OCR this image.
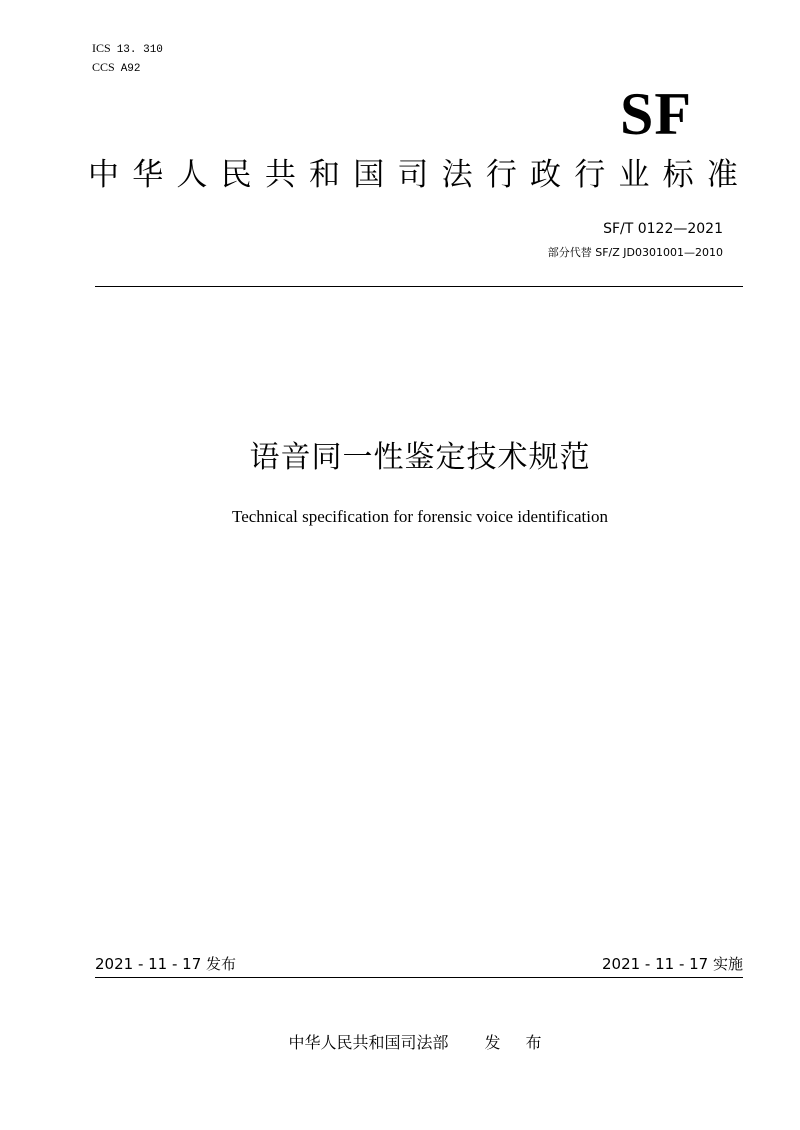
ICS 13. 310
CCS A92
SF
中 华 人 民 共 和 国 司 法 行 政 行 业 标 准
SF/T 0122—2021
部分代替 SF/Z JD0301001—2010
语音同一性鉴定技术规范
Technical specification for forensic voice identification
2021 - 11 - 17 发布	2021 - 11 - 17 实施
中华人民共和国司法部 发 布
